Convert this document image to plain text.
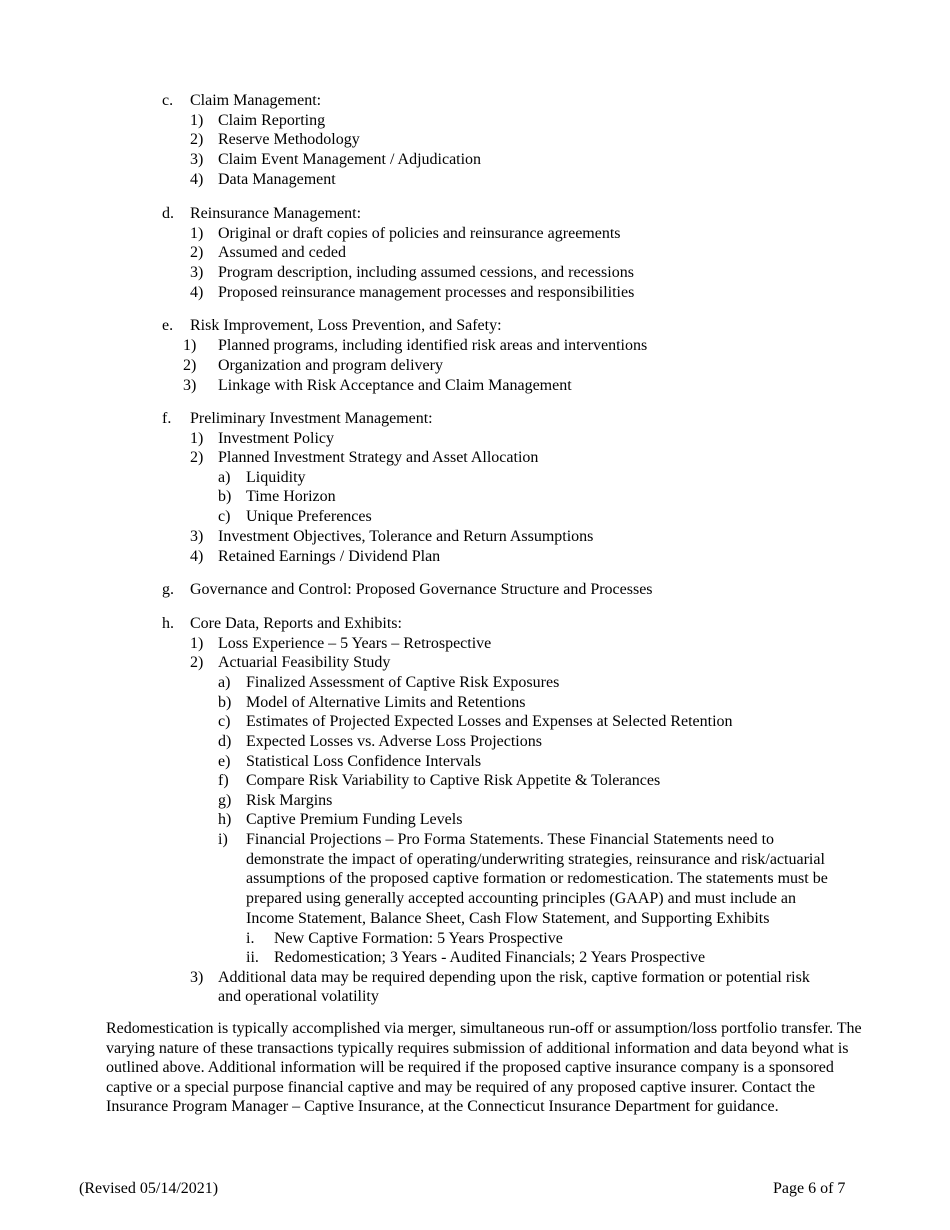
c. Claim Management:
1) Claim Reporting
2) Reserve Methodology
3) Claim Event Management / Adjudication
4) Data Management
d. Reinsurance Management:
1) Original or draft copies of policies and reinsurance agreements
2) Assumed and ceded
3) Program description, including assumed cessions, and recessions
4) Proposed reinsurance management processes and responsibilities
e. Risk Improvement, Loss Prevention, and Safety:
1) Planned programs, including identified risk areas and interventions
2) Organization and program delivery
3) Linkage with Risk Acceptance and Claim Management
f. Preliminary Investment Management:
1) Investment Policy
2) Planned Investment Strategy and Asset Allocation
a) Liquidity
b) Time Horizon
c) Unique Preferences
3) Investment Objectives, Tolerance and Return Assumptions
4) Retained Earnings / Dividend Plan
g. Governance and Control: Proposed Governance Structure and Processes
h. Core Data, Reports and Exhibits:
1) Loss Experience – 5 Years – Retrospective
2) Actuarial Feasibility Study
a) Finalized Assessment of Captive Risk Exposures
b) Model of Alternative Limits and Retentions
c) Estimates of Projected Expected Losses and Expenses at Selected Retention
d) Expected Losses vs. Adverse Loss Projections
e) Statistical Loss Confidence Intervals
f) Compare Risk Variability to Captive Risk Appetite & Tolerances
g) Risk Margins
h) Captive Premium Funding Levels
i) Financial Projections – Pro Forma Statements. These Financial Statements need to
demonstrate the impact of operating/underwriting strategies, reinsurance and risk/actuarial
assumptions of the proposed captive formation or redomestication. The statements must be
prepared using generally accepted accounting principles (GAAP) and must include an
Income Statement, Balance Sheet, Cash Flow Statement, and Supporting Exhibits
i. New Captive Formation: 5 Years Prospective
ii. Redomestication; 3 Years - Audited Financials; 2 Years Prospective
3) Additional data may be required depending upon the risk, captive formation or potential risk
and operational volatility
Redomestication is typically accomplished via merger, simultaneous run-off or assumption/loss portfolio transfer. The varying nature of these transactions typically requires submission of additional information and data beyond what is outlined above. Additional information will be required if the proposed captive insurance company is a sponsored captive or a special purpose financial captive and may be required of any proposed captive insurer. Contact the Insurance Program Manager – Captive Insurance, at the Connecticut Insurance Department for guidance.
(Revised 05/14/2021)	Page 6 of 7
